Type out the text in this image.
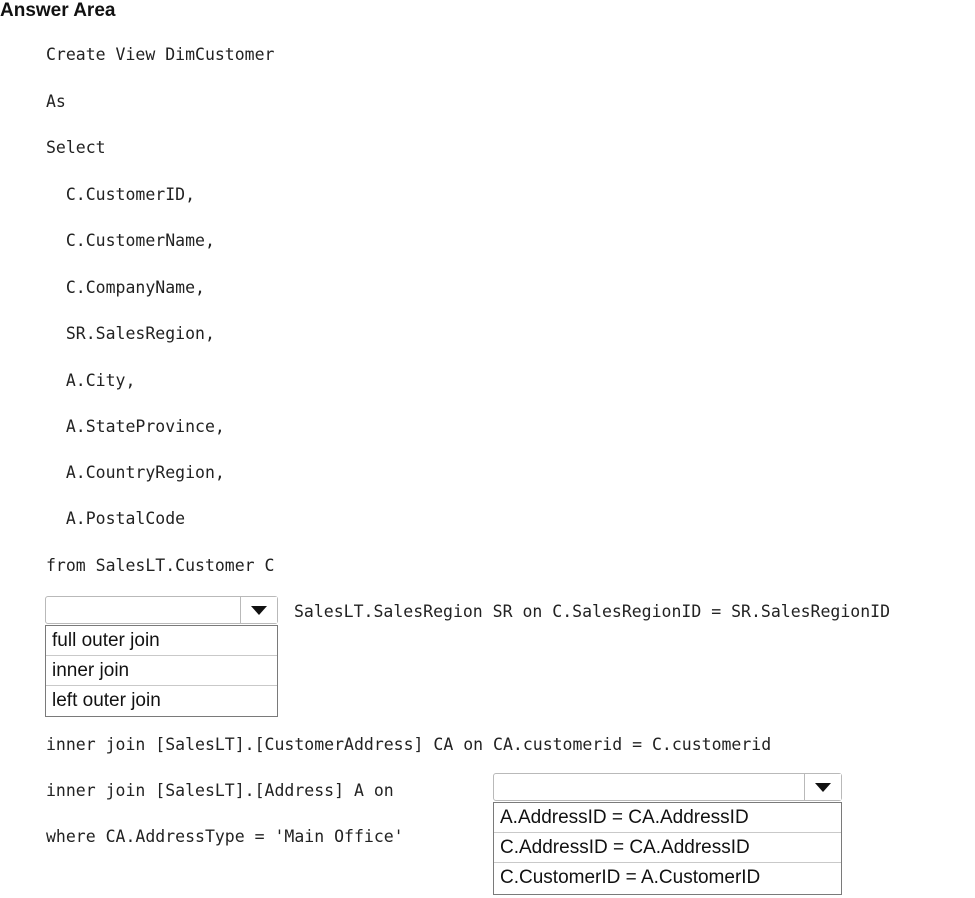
Answer Area
Create View DimCustomer
As
Select
C.CustomerID,
C.CustomerName,
C.CompanyName,
SR.SalesRegion,
A.City,
A.StateProvince,
A.CountryRegion,
A.PostalCode
from SalesLT.Customer C
SalesLT.SalesRegion SR on C.SalesRegionID = SR.SalesRegionID
inner join [SalesLT].[CustomerAddress] CA on CA.customerid = C.customerid
inner join [SalesLT].[Address] A on
where CA.AddressType = 'Main Office'
full outer join
inner join
left outer join
A.AddressID = CA.AddressID
C.AddressID = CA.AddressID
C.CustomerID = A.CustomerID
